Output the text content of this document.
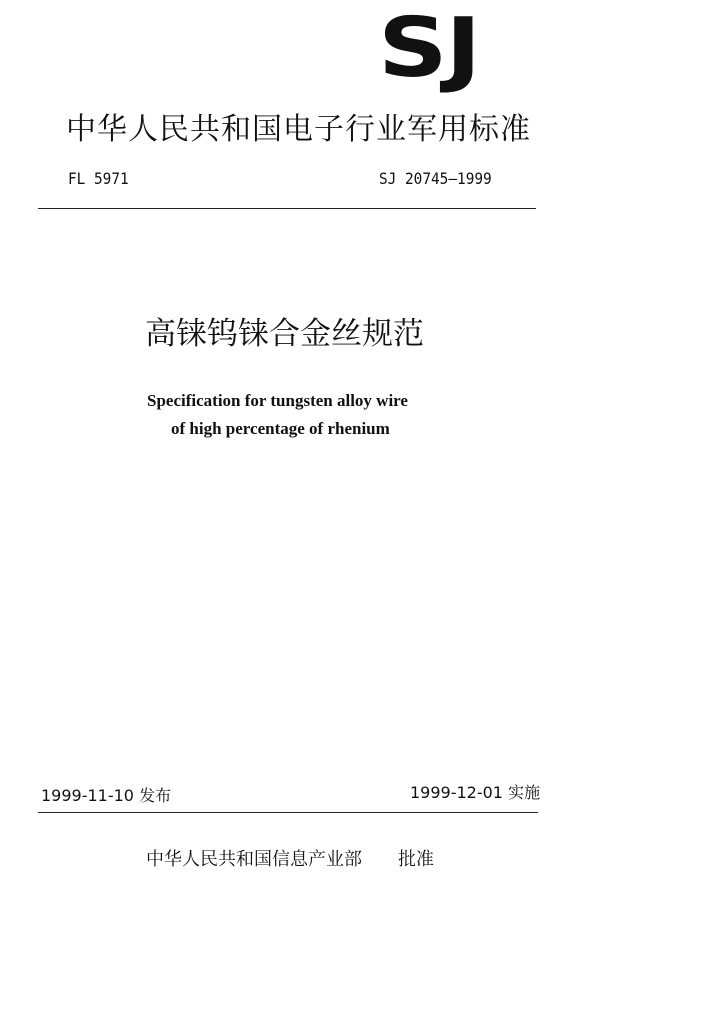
SJ
中华人民共和国电子行业军用标准
FL 5971	SJ 20745—1999
高铼钨铼合金丝规范
Specification for tungsten alloy wire
of high percentage of rhenium
1999-11-10 发布	1999-12-01 实施
中华人民共和国信息产业部 批准
